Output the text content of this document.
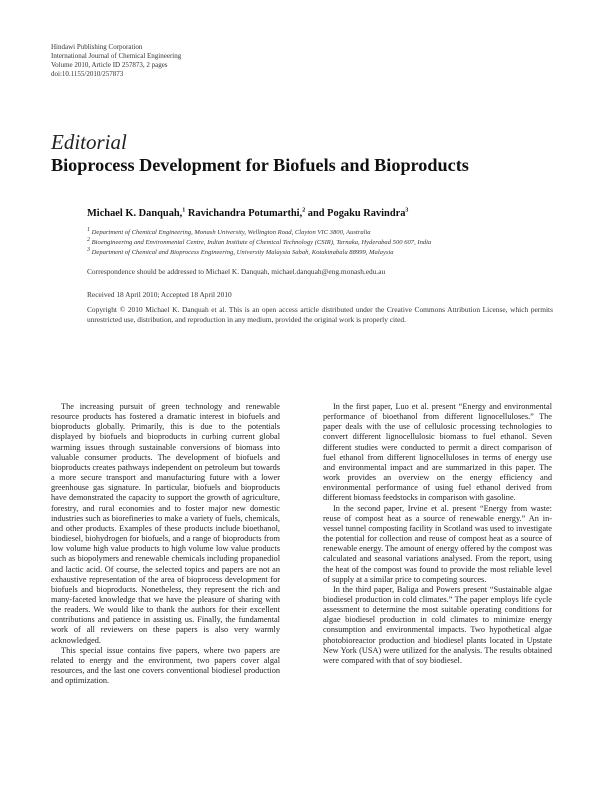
Hindawi Publishing Corporation
International Journal of Chemical Engineering
Volume 2010, Article ID 257873, 2 pages
doi:10.1155/2010/257873
Editorial
Bioprocess Development for Biofuels and Bioproducts
Michael K. Danquah,$^1$ Ravichandra Potumarthi,$^2$ and Pogaku Ravindra$^3$
$^1$ Department of Chemical Engineering, Monash University, Wellington Road, Clayton VIC 3800, Australia
$^2$ Bioengineering and Environmental Centre, Indian Institute of Chemical Technology (CSIR), Tarnaka, Hyderabad 500 607, India
$^3$ Department of Chemical and Bioprocess Engineering, University Malaysia Sabah, Kotakinabalu 88999, Malaysia
Correspondence should be addressed to Michael K. Danquah, michael.danquah@eng.monash.edu.au
Received 18 April 2010; Accepted 18 April 2010
Copyright © 2010 Michael K. Danquah et al. This is an open access article distributed under the Creative Commons Attribution License, which permits unrestricted use, distribution, and reproduction in any medium, provided the original work is properly cited.

The increasing pursuit of green technology and renewable resource products has fostered a dramatic interest in biofuels and bioproducts globally. Primarily, this is due to the potentials displayed by biofuels and bioproducts in curbing current global warming issues through sustainable conversions of biomass into valuable consumer products. The development of biofuels and bioproducts creates pathways independent on petroleum but towards a more secure transport and manufacturing future with a lower greenhouse gas signature. In particular, biofuels and bioproducts have demonstrated the capacity to support the growth of agriculture, forestry, and rural economies and to foster major new domestic industries such as biorefineries to make a variety of fuels, chemicals, and other products. Examples of these products include bioethanol, biodiesel, biohydrogen for biofuels, and a range of bioproducts from low volume high value products to high volume low value products such as biopolymers and renewable chemicals including propanediol and lactic acid. Of course, the selected topics and papers are not an exhaustive representation of the area of bioprocess development for biofuels and bioproducts. Nonetheless, they represent the rich and many-faceted knowledge that we have the pleasure of sharing with the readers. We would like to thank the authors for their excellent contributions and patience in assisting us. Finally, the fundamental work of all reviewers on these papers is also very warmly acknowledged.

This special issue contains five papers, where two papers are related to energy and the environment, two papers cover algal resources, and the last one covers conventional biodiesel production and optimization.

In the first paper, Luo et al. present “Energy and environmental performance of bioethanol from different lignocelluloses.” The paper deals with the use of cellulosic processing technologies to convert different lignocellulosic biomass to fuel ethanol. Seven different studies were conducted to permit a direct comparison of fuel ethanol from different lignocelluloses in terms of energy use and environmental impact and are summarized in this paper. The work provides an overview on the energy efficiency and environmental performance of using fuel ethanol derived from different biomass feedstocks in comparison with gasoline.

In the second paper, Irvine et al. present “Energy from waste: reuse of compost heat as a source of renewable energy.” An in-vessel tunnel composting facility in Scotland was used to investigate the potential for collection and reuse of compost heat as a source of renewable energy. The amount of energy offered by the compost was calculated and seasonal variations analysed. From the report, using the heat of the compost was found to provide the most reliable level of supply at a similar price to competing sources.

In the third paper, Baliga and Powers present “Sustainable algae biodiesel production in cold climates.” The paper employs life cycle assessment to determine the most suitable operating conditions for algae biodiesel production in cold climates to minimize energy consumption and environmental impacts. Two hypothetical algae photobioreactor production and biodiesel plants located in Upstate New York (USA) were utilized for the analysis. The results obtained were compared with that of soy biodiesel.
